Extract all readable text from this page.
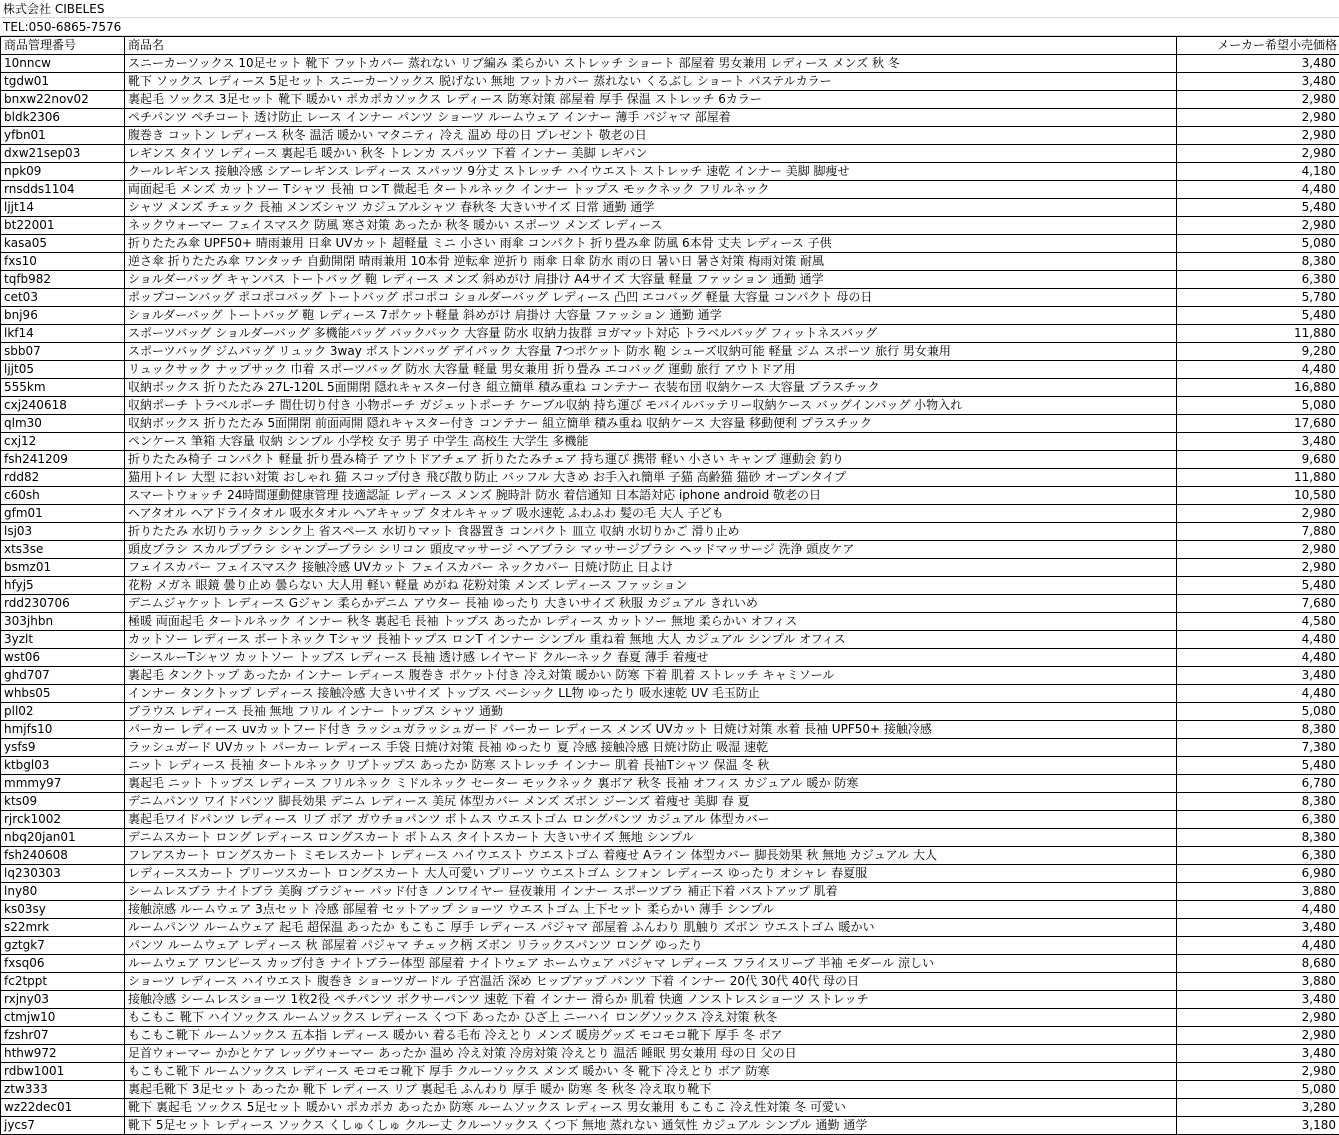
株式会社 CIBELES
TEL:050-6865-7576
商品管理番号	商品名	メーカー希望小売価格
10nncw	スニーカーソックス 10足セット 靴下 フットカバー 蒸れない リブ編み 柔らかい ストレッチ ショート 部屋着 男女兼用 レディース メンズ 秋 冬	3,480
tgdw01	靴下 ソックス レディース 5足セット スニーカーソックス 脱げない 無地 フットカバー 蒸れない くるぶし ショート パステルカラー	3,480
bnxw22nov02	裏起毛 ソックス 3足セット 靴下 暖かい ポカポカソックス レディース 防寒対策 部屋着 厚手 保温 ストレッチ 6カラー	2,980
bldk2306	ペチパンツ ペチコート 透け防止 レース インナー パンツ ショーツ ルームウェア インナー 薄手 パジャマ 部屋着	2,980
yfbn01	腹巻き コットン レディース 秋冬 温活 暖かい マタニティ 冷え 温め 母の日 プレゼント 敬老の日	2,980
dxw21sep03	レギンス タイツ レディース 裏起毛 暖かい 秋冬 トレンカ スパッツ 下着 インナー 美脚 レギパン	2,980
npk09	クールレギンス 接触冷感 シアーレギンス レディース スパッツ 9分丈 ストレッチ ハイウエスト ストレッチ 速乾 インナー 美脚 脚痩せ	4,180
rnsdds1104	両面起毛 メンズ カットソー Tシャツ 長袖 ロンT 微起毛 タートルネック インナー トップス モックネック フリルネック	4,480
ljjt14	シャツ メンズ チェック 長袖 メンズシャツ カジュアルシャツ 春秋冬 大きいサイズ 日常 通勤 通学	5,480
bt22001	ネックウォーマー フェイスマスク 防風 寒さ対策 あったか 秋冬 暖かい スポーツ メンズ レディース	2,980
kasa05	折りたたみ傘 UPF50+ 晴雨兼用 日傘 UVカット 超軽量 ミニ 小さい 雨傘 コンパクト 折り畳み傘 防風 6本骨 丈夫 レディース 子供	5,080
fxs10	逆さ傘 折りたたみ傘 ワンタッチ 自動開閉 晴雨兼用 10本骨 逆転傘 逆折り 雨傘 日傘 防水 雨の日 暑い日 暑さ対策 梅雨対策 耐風	8,380
tqfb982	ショルダーバッグ キャンバス トートバッグ 鞄 レディース メンズ 斜めがけ 肩掛け A4サイズ 大容量 軽量 ファッション 通勤 通学	6,380
cet03	ポップコーンバッグ ポコポコバッグ トートバッグ ポコポコ ショルダーバッグ レディース 凸凹 エコバッグ 軽量 大容量 コンパクト 母の日	5,780
bnj96	ショルダーバッグ トートバッグ 鞄 レディース 7ポケット軽量 斜めがけ 肩掛け 大容量 ファッション 通勤 通学	5,480
lkf14	スポーツバッグ ショルダーバッグ 多機能バッグ バックパック 大容量 防水 収納力抜群 ヨガマット対応 トラベルバッグ フィットネスバッグ	11,880
sbb07	スポーツバッグ ジムバッグ リュック 3way ボストンバッグ デイパック 大容量 7つポケット 防水 鞄 シューズ収納可能 軽量 ジム スポーツ 旅行 男女兼用	9,280
ljjt05	リュックサック ナップサック 巾着 スポーツバッグ 防水 大容量 軽量 男女兼用 折り畳み エコバッグ 運動 旅行 アウトドア用	4,480
555km	収納ボックス 折りたたみ 27L-120L 5面開閉 隠れキャスター付き 組立簡単 積み重ね コンテナー 衣装布団 収納ケース 大容量 プラスチック	16,880
cxj240618	収納ポーチ トラベルポーチ 間仕切り付き 小物ポーチ ガジェットポーチ ケーブル収納 持ち運び モバイルバッテリー収納ケース バッグインバッグ 小物入れ	5,080
qlm30	収納ボックス 折りたたみ 5面開閉 前面両開 隠れキャスター付き コンテナー 組立簡単 積み重ね 収納ケース 大容量 移動便利 プラスチック	17,680
cxj12	ペンケース 筆箱 大容量 収納 シンプル 小学校 女子 男子 中学生 高校生 大学生 多機能	3,480
fsh241209	折りたたみ椅子 コンパクト 軽量 折り畳み椅子 アウトドアチェア 折りたたみチェア 持ち運び 携帯 軽い 小さい キャンプ 運動会 釣り	9,680
rdd82	猫用トイレ 大型 におい対策 おしゃれ 猫 スコップ付き 飛び散り防止 バッフル 大きめ お手入れ簡単 子猫 高齢猫 猫砂 オープンタイプ	11,880
c60sh	スマートウォッチ 24時間運動健康管理 技適認証 レディース メンズ 腕時計 防水 着信通知 日本語対応 iphone android 敬老の日	10,580
gfm01	ヘアタオル ヘアドライタオル 吸水タオル ヘアキャップ タオルキャップ 吸水速乾 ふわふわ 髪の毛 大人 子ども	2,980
lsj03	折りたたみ 水切りラック シンク上 省スペース 水切りマット 食器置き コンパクト 皿立 収納 水切りかご 滑り止め	7,880
xts3se	頭皮ブラシ スカルプブラシ シャンプーブラシ シリコン 頭皮マッサージ ヘアブラシ マッサージブラシ ヘッドマッサージ 洗浄 頭皮ケア	2,980
bsmz01	フェイスカバー フェイスマスク 接触冷感 UVカット フェイスカバー ネックカバー 日焼け防止 日よけ	2,980
hfyj5	花粉 メガネ 眼鏡 曇り止め 曇らない 大人用 軽い 軽量 めがね 花粉対策 メンズ レディース ファッション	5,480
rdd230706	デニムジャケット レディース Gジャン 柔らかデニム アウター 長袖 ゆったり 大きいサイズ 秋服 カジュアル きれいめ	7,680
303jhbn	極暖 両面起毛 タートルネック インナー 秋冬 裏起毛 長袖 トップス あったか レディース カットソー 無地 柔らかい オフィス	4,580
3yzlt	カットソー レディース ボートネック Tシャツ 長袖トップス ロンT インナー シンプル 重ね着 無地 大人 カジュアル シンプル オフィス	4,480
wst06	シースルーTシャツ カットソー トップス レディース 長袖 透け感 レイヤード クルーネック 春夏 薄手 着痩せ	4,480
ghd707	裏起毛 タンクトップ あったか インナー レディース 腹巻き ポケット付き 冷え対策 暖かい 防寒 下着 肌着 ストレッチ キャミソール	3,480
whbs05	インナー タンクトップ レディース 接触冷感 大きいサイズ トップス ベーシック LL物 ゆったり 吸水速乾 UV 毛玉防止	4,480
pll02	ブラウス レディース 長袖 無地 フリル インナー トップス シャツ 通勤	5,080
hmjfs10	パーカー レディース uvカットフード付き ラッシュガラッシュガード パーカー レディース メンズ UVカット 日焼け対策 水着 長袖 UPF50+ 接触冷感	8,380
ysfs9	ラッシュガード UVカット パーカー レディース 手袋 日焼け対策 長袖 ゆったり 夏 冷感 接触冷感 日焼け防止 吸湿 速乾	7,380
ktbgl03	ニット レディース 長袖 タートルネック リブトップス あったか 防寒 ストレッチ インナー 肌着 長袖Tシャツ 保温 冬 秋	5,480
mmmy97	裏起毛 ニット トップス レディース フリルネック ミドルネック セーター モックネック 裏ボア 秋冬 長袖 オフィス カジュアル 暖か 防寒	6,780
kts09	デニムパンツ ワイドパンツ 脚長効果 デニム レディース 美尻 体型カバー メンズ ズボン ジーンズ 着痩せ 美脚 春 夏	8,380
rjrck1002	裏起毛ワイドパンツ レディース リブ ボア ガウチョパンツ ボトムス ウエストゴム ロングパンツ カジュアル 体型カバー	6,380
nbq20jan01	デニムスカート ロング レディース ロングスカート ボトムス タイトスカート 大きいサイズ 無地 シンプル	8,380
fsh240608	フレアスカート ロングスカート ミモレスカート レディース ハイウエスト ウエストゴム 着痩せ Aライン 体型カバー 脚長効果 秋 無地 カジュアル 大人	6,380
lq230303	レディーススカート プリーツスカート ロングスカート 大人可愛い プリーツ ウエストゴム シフォン レディース ゆったり オシャレ 春夏服	6,980
lny80	シームレスブラ ナイトブラ 美胸 ブラジャー パッド付き ノンワイヤー 昼夜兼用 インナー スポーツブラ 補正下着 バストアップ 肌着	3,880
ks03sy	接触涼感 ルームウェア 3点セット 冷感 部屋着 セットアップ ショーツ ウエストゴム 上下セット 柔らかい 薄手 シンプル	4,480
s22mrk	ルームパンツ ルームウェア 起毛 超保温 あったか もこもこ 厚手 レディース パジャマ 部屋着 ふんわり 肌触り ズボン ウエストゴム 暖かい	3,480
gztgk7	パンツ ルームウェア レディース 秋 部屋着 パジャマ チェック柄 ズボン リラックスパンツ ロング ゆったり	4,480
fxsq06	ルームウェア ワンピース カップ付き ナイトブラー体型 部屋着 ナイトウェア ホームウェア パジャマ レディース フライスリーブ 半袖 モダール 涼しい	8,680
fc2tppt	ショーツ レディース ハイウエスト 腹巻き ショーツガードル 子宮温活 深め ヒップアップ パンツ 下着 インナー 20代 30代 40代 母の日	3,880
rxjny03	接触冷感 シームレスショーツ 1枚2役 ペチパンツ ボクサーパンツ 速乾 下着 インナー 滑らか 肌着 快適 ノンストレスショーツ ストレッチ	3,480
ctmjw10	もこもこ 靴下 ハイソックス ルームソックス レディース くつ下 あったか ひざ上 ニーハイ ロングソックス 冷え対策 秋冬	2,980
fzshr07	もこもこ靴下 ルームソックス 五本指 レディース 暖かい 着る毛布 冷えとり メンズ 暖房グッズ モコモコ靴下 厚手 冬 ボア	2,980
hthw972	足首ウォーマー かかとケア レッグウォーマー あったか 温め 冷え対策 冷房対策 冷えとり 温活 睡眠 男女兼用 母の日 父の日	3,480
rdbw1001	もこもこ靴下 ルームソックス レディース モコモコ靴下 厚手 クルーソックス メンズ 暖かい 冬 靴下 冷えとり ボア 防寒	2,980
ztw333	裏起毛靴下 3足セット あったか 靴下 レディース リブ 裏起毛 ふんわり 厚手 暖か 防寒 冬 秋冬 冷え取り靴下	5,080
wz22dec01	靴下 裏起毛 ソックス 5足セット 暖かい ポカポカ あったか 防寒 ルームソックス レディース 男女兼用 もこもこ 冷え性対策 冬 可愛い	3,280
jycs7	靴下 5足セット レディース ソックス くしゅくしゅ クルー丈 クルーソックス くつ下 無地 蒸れない 通気性 カジュアル シンプル 通勤 通学	3,180
